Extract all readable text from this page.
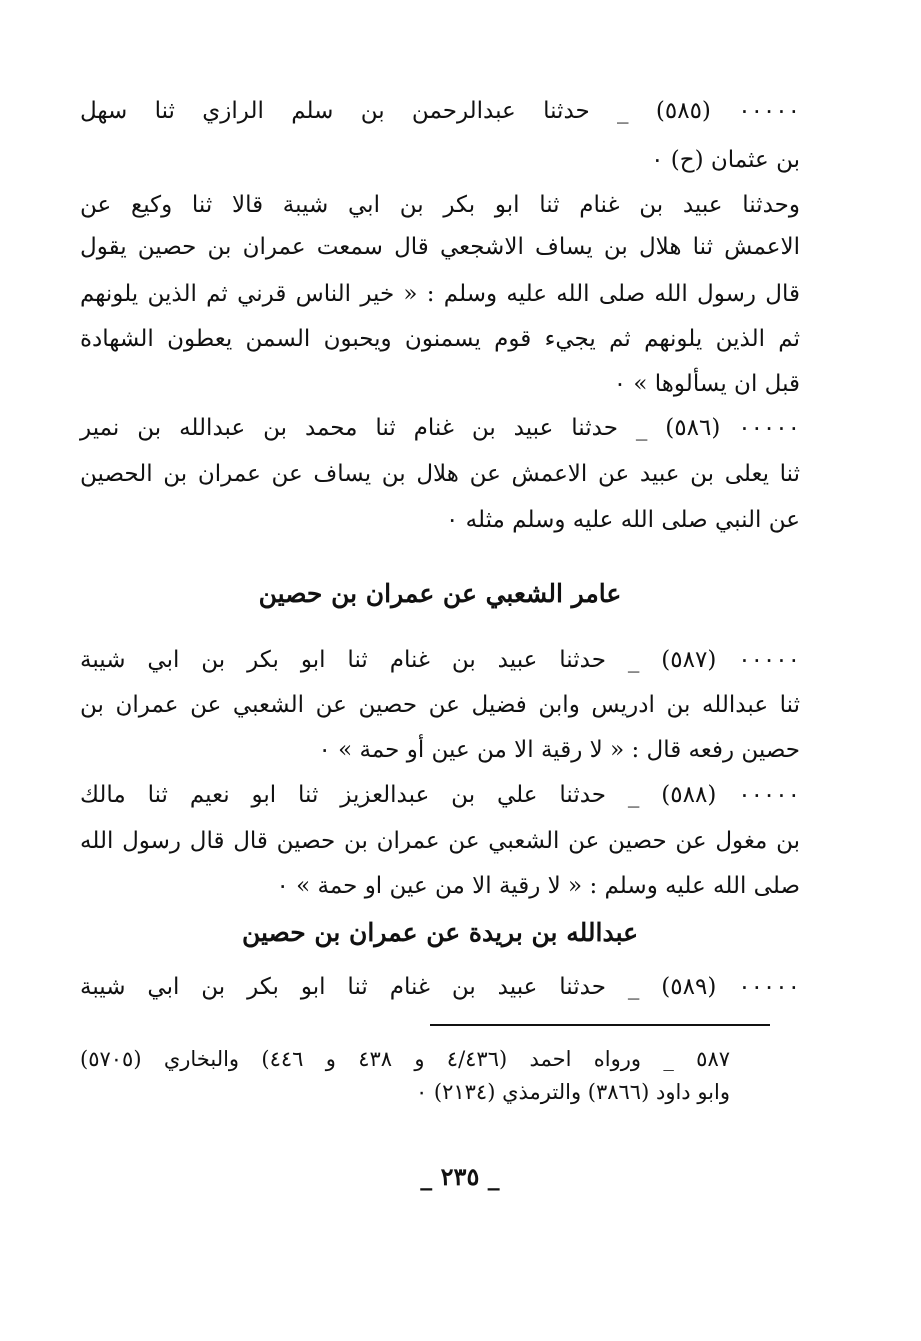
٠٠٠٠٠ (٥٨٥) _ حدثنا عبدالرحمن بن سلم الرازي ثنا سهل
بن عثمان (ح) ٠
وحدثنا عبيد بن غنام ثنا ابو بكر بن ابي شيبة قالا ثنا وكيع عن
الاعمش ثنا هلال بن يساف الاشجعي قال سمعت عمران بن حصين يقول
قال رسول الله صلى الله عليه وسلم : « خير الناس قرني ثم الذين يلونهم
ثم الذين يلونهم ثم يجيء قوم يسمنون ويحبون السمن يعطون الشهادة
قبل ان يسألوها » ٠
٠٠٠٠٠ (٥٨٦) _ حدثنا عبيد بن غنام ثنا محمد بن عبدالله بن نمير
ثنا يعلى بن عبيد عن الاعمش عن هلال بن يساف عن عمران بن الحصين
عن النبي صلى الله عليه وسلم مثله ٠
عامر الشعبي عن عمران بن حصين
٠٠٠٠٠ (٥٨٧) _ حدثنا عبيد بن غنام ثنا ابو بكر بن ابي شيبة
ثنا عبدالله بن ادريس وابن فضيل عن حصين عن الشعبي عن عمران بن
حصين رفعه قال : « لا رقية الا من عين أو حمة » ٠
٠٠٠٠٠ (٥٨٨) _ حدثنا علي بن عبدالعزيز ثنا ابو نعيم ثنا مالك
بن مغول عن حصين عن الشعبي عن عمران بن حصين قال قال رسول الله
صلى الله عليه وسلم : « لا رقية الا من عين او حمة » ٠
عبدالله بن بريدة عن عمران بن حصين
٠٠٠٠٠ (٥٨٩) _ حدثنا عبيد بن غنام ثنا ابو بكر بن ابي شيبة
٥٨٧ _ ورواه احمد (٤/٤٣٦ و ٤٣٨ و ٤٤٦) والبخاري (٥٧٠٥)
وابو داود (٣٨٦٦) والترمذي (٢١٣٤) ٠
_ ٢٣٥ _
